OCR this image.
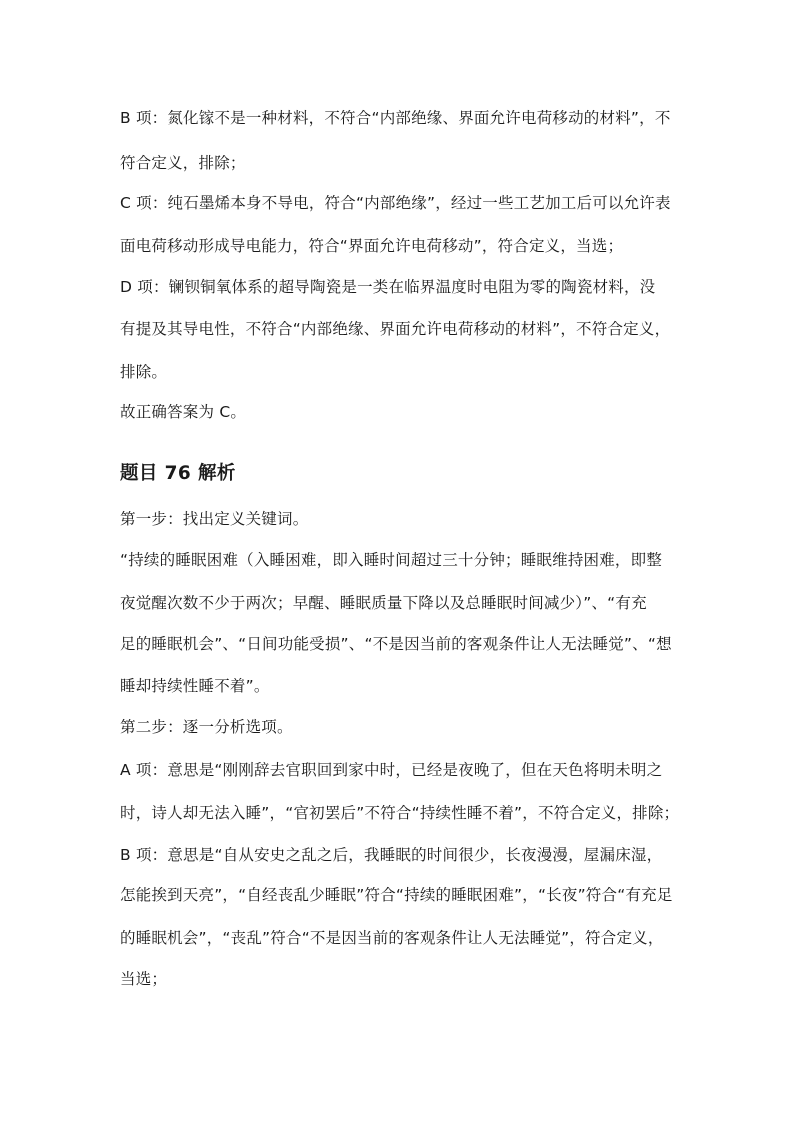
B 项：氮化镓不是一种材料，不符合“内部绝缘、界面允许电荷移动的材料”，不
符合定义，排除；
C 项：纯石墨烯本身不导电，符合“内部绝缘”，经过一些工艺加工后可以允许表
面电荷移动形成导电能力，符合“界面允许电荷移动”，符合定义，当选；
D 项：镧钡铜氧体系的超导陶瓷是一类在临界温度时电阻为零的陶瓷材料，没
有提及其导电性，不符合“内部绝缘、界面允许电荷移动的材料”，不符合定义，
排除。
故正确答案为 C。
题目 76 解析
第一步：找出定义关键词。
“持续的睡眠困难（入睡困难，即入睡时间超过三十分钟；睡眠维持困难，即整
夜觉醒次数不少于两次；早醒、睡眠质量下降以及总睡眠时间减少）”、“有充
足的睡眠机会”、“日间功能受损”、“不是因当前的客观条件让人无法睡觉”、“想
睡却持续性睡不着”。
第二步：逐一分析选项。
A 项：意思是“刚刚辞去官职回到家中时，已经是夜晚了，但在天色将明未明之
时，诗人却无法入睡”，“官初罢后”不符合“持续性睡不着”，不符合定义，排除；
B 项：意思是“自从安史之乱之后，我睡眠的时间很少，长夜漫漫，屋漏床湿，
怎能挨到天亮”，“自经丧乱少睡眠”符合“持续的睡眠困难”，“长夜”符合“有充足
的睡眠机会”，“丧乱”符合“不是因当前的客观条件让人无法睡觉”，符合定义，
当选；
